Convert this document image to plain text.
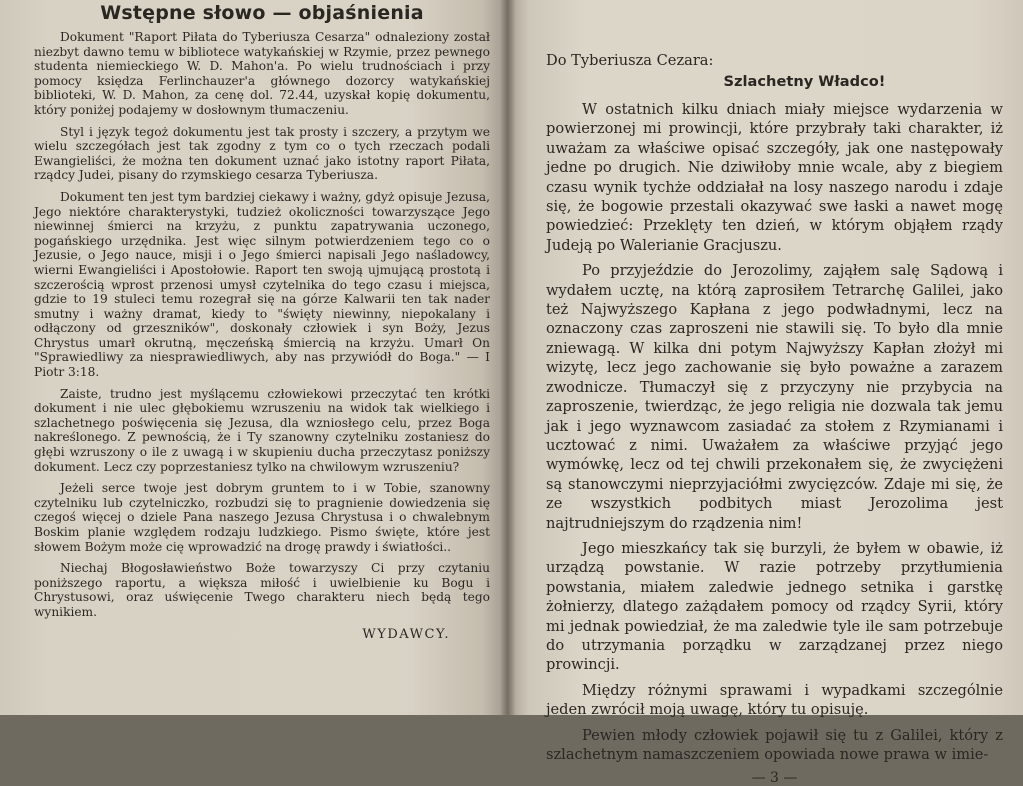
Wstępne słowo — objaśnienia

Dokument "Raport Piłata do Tyberiusza Cesarza" odnaleziony został niezbyt dawno temu w bibliotece watykańskiej w Rzymie, przez pewnego studenta niemieckiego W. D. Mahon'a. Po wielu trudnościach i przy pomocy księdza Ferlinchauzer'a głównego dozorcy watykańskiej biblioteki, W. D. Mahon, za cenę dol. 72.44, uzyskał kopię dokumentu, który poniżej podajemy w dosłownym tłumaczeniu.

Styl i język tegoż dokumentu jest tak prosty i szczery, a przytym we wielu szczegółach jest tak zgodny z tym co o tych rzeczach podali Ewangieliści, że można ten dokument uznać jako istotny raport Piłata, rządcy Judei, pisany do rzymskiego cesarza Tyberiusza.

Dokument ten jest tym bardziej ciekawy i ważny, gdyż opisuje Jezusa, Jego niektóre charakterystyki, tudzież okoliczności towarzyszące Jego niewinnej śmierci na krzyżu, z punktu zapatrywania uczonego, pogańskiego urzędnika. Jest więc silnym potwierdzeniem tego co o Jezusie, o Jego nauce, misji i o Jego śmierci napisali Jego naśladowcy, wierni Ewangieliści i Apostołowie. Raport ten swoją ujmującą prostotą i szczerością wprost przenosi umysł czytelnika do tego czasu i miejsca, gdzie to 19 stuleci temu rozegrał się na górze Kalwarii ten tak nader smutny i ważny dramat, kiedy to "święty niewinny, niepokalany i odłączony od grzeszników", doskonały człowiek i syn Boży, Jezus Chrystus umarł okrutną, męczeńską śmiercią na krzyżu. Umarł On "Sprawiedliwy za niesprawiedliwych, aby nas przywiódł do Boga." — I Piotr 3:18.

Zaiste, trudno jest myślącemu człowiekowi przeczytać ten krótki dokument i nie ulec głębokiemu wzruszeniu na widok tak wielkiego i szlachetnego poświęcenia się Jezusa, dla wzniosłego celu, przez Boga nakreślonego. Z pewnością, że i Ty szanowny czytelniku zostaniesz do głębi wzruszony o ile z uwagą i w skupieniu ducha przeczytasz poniższy dokument. Lecz czy poprzestaniesz tylko na chwilowym wzruszeniu?

Jeżeli serce twoje jest dobrym gruntem to i w Tobie, szanowny czytelniku lub czytelniczko, rozbudzi się to pragnienie dowiedzenia się czegoś więcej o dziele Pana naszego Jezusa Chrystusa i o chwalebnym Boskim planie względem rodzaju ludzkiego. Pismo święte, które jest słowem Bożym może cię wprowadzić na drogę prawdy i światłości..

Niechaj Błogosławieństwo Boże towarzyszy Ci przy czytaniu poniższego raportu, a większa miłość i uwielbienie ku Bogu i Chrystusowi, oraz uświęcenie Twego charakteru niech będą tego wynikiem.

WYDAWCY.
Do Tyberiusza Cezara:
Szlachetny Władco!

W ostatnich kilku dniach miały miejsce wydarzenia w powierzonej mi prowincji, które przybrały taki charakter, iż uważam za właściwe opisać szczegóły, jak one następowały jedne po drugich. Nie dziwiłoby mnie wcale, aby z biegiem czasu wynik tychże oddziałał na losy naszego narodu i zdaje się, że bogowie przestali okazywać swe łaski a nawet mogę powiedzieć: Przeklęty ten dzień, w którym objąłem rządy Judeją po Walerianie Gracjuszu.

Po przyjeździe do Jerozolimy, zająłem salę Sądową i wydałem ucztę, na którą zaprosiłem Tetrarchę Galilei, jako też Najwyższego Kapłana z jego podwładnymi, lecz na oznaczony czas zaproszeni nie stawili się. To było dla mnie zniewagą. W kilka dni potym Najwyższy Kapłan złożył mi wizytę, lecz jego zachowanie się było poważne a zarazem zwodnicze. Tłumaczył się z przyczyny nie przybycia na zaproszenie, twierdząc, że jego religia nie dozwala tak jemu jak i jego wyznawcom zasiadać za stołem z Rzymianami i ucztować z nimi. Uważałem za właściwe przyjąć jego wymówkę, lecz od tej chwili przekonałem się, że zwyciężeni są stanowczymi nieprzyjaciółmi zwycięzców. Zdaje mi się, że ze wszystkich podbitych miast Jerozolima jest najtrudniejszym do rządzenia nim!

Jego mieszkańcy tak się burzyli, że byłem w obawie, iż urządzą powstanie. W razie potrzeby przytłumienia powstania, miałem zaledwie jednego setnika i garstkę żołnierzy, dlatego zażądałem pomocy od rządcy Syrii, który mi jednak powiedział, że ma zaledwie tyle ile sam potrzebuje do utrzymania porządku w zarządzanej przez niego prowincji.

Między różnymi sprawami i wypadkami szczególnie jeden zwrócił moją uwagę, który tu opisuję.

Pewien młody człowiek pojawił się tu z Galilei, który z szlachetnym namaszczeniem opowiada nowe prawa w imie-

— 3 —
